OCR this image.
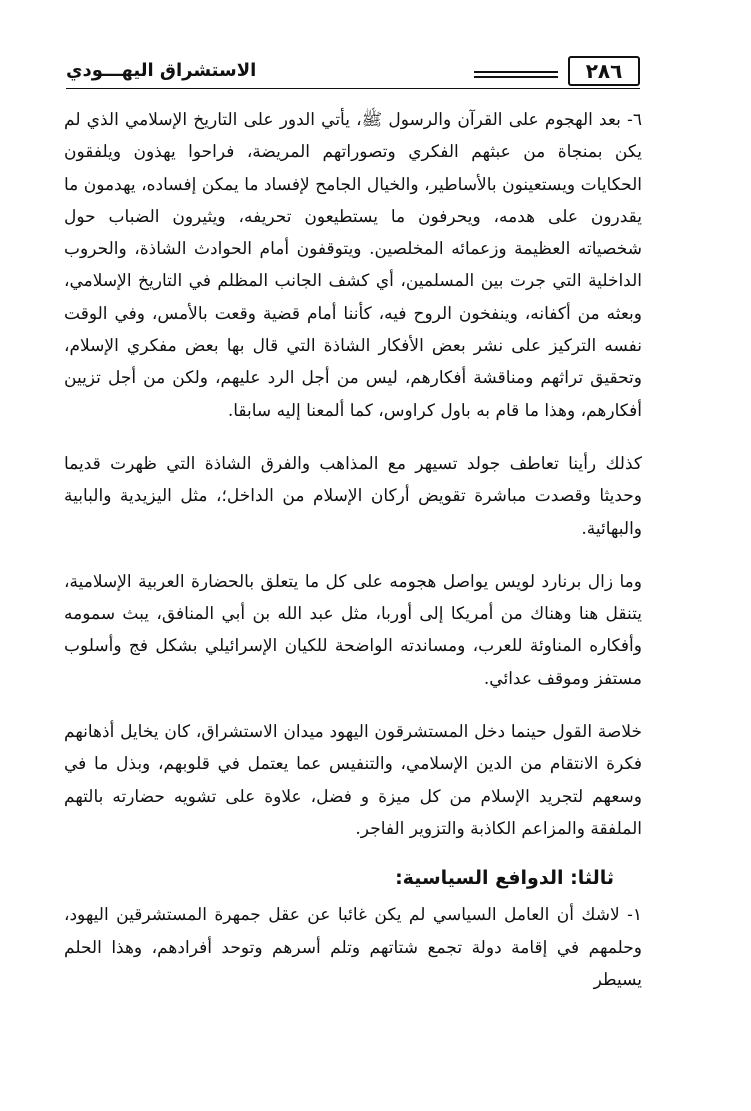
٢٨٦
الاستشراق اليهـــودي

٦- بعد الهجوم على القرآن والرسول ﷺ، يأتي الدور على التاريخ الإسلامي الذي لم يكن بمنجاة من عبثهم الفكري وتصوراتهم المريضة، فراحوا يهذون ويلفقون الحكايات ويستعينون بالأساطير، والخيال الجامح لإفساد ما يمكن إفساده، يهدمون ما يقدرون على هدمه، ويحرفون ما يستطيعون تحريفه، ويثيرون الضباب حول شخصياته العظيمة وزعمائه المخلصين. ويتوقفون أمام الحوادث الشاذة، والحروب الداخلية التي جرت بين المسلمين، أي كشف الجانب المظلم في التاريخ الإسلامي، وبعثه من أكفانه، وينفخون الروح فيه، كأننا أمام قضية وقعت بالأمس، وفي الوقت نفسه التركيز على نشر بعض الأفكار الشاذة التي قال بها بعض مفكري الإسلام، وتحقيق تراثهم ومناقشة أفكارهم، ليس من أجل الرد عليهم، ولكن من أجل تزيين أفكارهم، وهذا ما قام به باول كراوس، كما ألمعنا إليه سابقا.

كذلك رأينا تعاطف جولد تسيهر مع المذاهب والفرق الشاذة التي ظهرت قديما وحديثا وقصدت مباشرة تقويض أركان الإسلام من الداخل؛، مثل اليزيدية والبابية والبهائية.

وما زال برنارد لويس يواصل هجومه على كل ما يتعلق بالحضارة العربية الإسلامية، يتنقل هنا وهناك من أمريكا إلى أوربا، مثل عبد الله بن أبي المنافق، يبث سمومه وأفكاره المناوئة للعرب، ومساندته الواضحة للكيان الإسرائيلي بشكل فج وأسلوب مستفز وموقف عدائي.

خلاصة القول حينما دخل المستشرقون اليهود ميدان الاستشراق، كان يخايل أذهانهم فكرة الانتقام من الدين الإسلامي، والتنفيس عما يعتمل في قلوبهم، وبذل ما في وسعهم لتجريد الإسلام من كل ميزة و فضل، علاوة على تشويه حضارته بالتهم الملفقة والمزاعم الكاذبة والتزوير الفاجر.

ثالثا: الدوافع السياسية:

١- لاشك أن العامل السياسي لم يكن غائبا عن عقل جمهرة المستشرقين اليهود، وحلمهم في إقامة دولة تجمع شتاتهم وتلم أسرهم وتوحد أفرادهم، وهذا الحلم يسيطر
